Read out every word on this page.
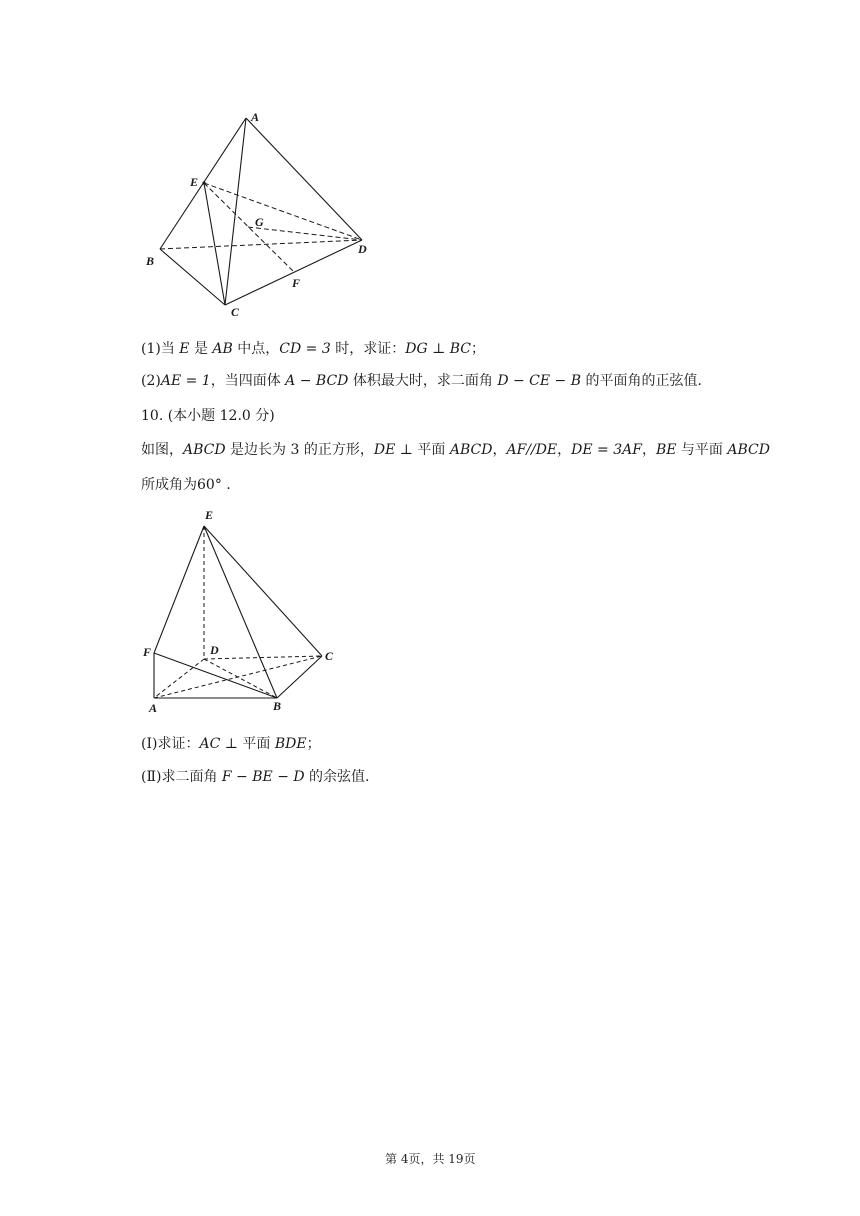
A
E
G
D
B
F
C
(1)当 E 是 AB 中点，CD = 3 时，求证：DG ⊥ BC；
(2)AE = 1，当四面体 A − BCD 体积最大时，求二面角 D − CE − B 的平面角的正弦值.
10. (本小题 12.0 分)
如图，ABCD 是边长为 3 的正方形，DE ⊥ 平面 ABCD，AF//DE，DE = 3AF，BE 与平面 ABCD
所成角为60° .
E
F	D	C
A	B
(Ⅰ)求证：AC ⊥ 平面 BDE；
(Ⅱ)求二面角 F − BE − D 的余弦值.
第 4页，共 19页
